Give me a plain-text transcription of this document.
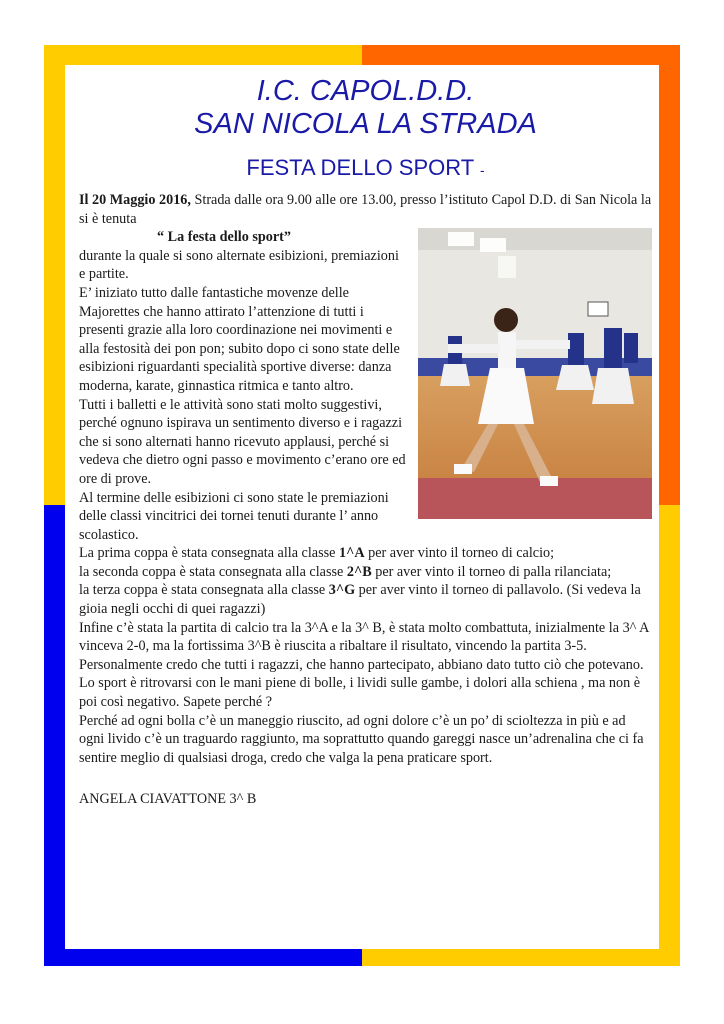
I.C. CAPOL.D.D.
SAN NICOLA LA STRADA
FESTA DELLO SPORT -

Il 20 Maggio 2016, Strada dalle ora 9.00 alle ore 13.00, presso l’istituto Capol D.D. di San Nicola la si è tenuta

“ La festa dello sport”

durante la quale si sono alternate esibizioni, premiazioni e partite.

E’ iniziato tutto dalle fantastiche movenze delle Majorettes che hanno attirato l’attenzione di tutti i presenti grazie alla loro coordinazione nei movimenti e alla festosità dei pon pon; subito dopo ci sono state delle esibizioni riguardanti specialità sportive diverse: danza moderna, karate, ginnastica ritmica e tanto altro.

Tutti i balletti e le attività sono stati molto suggestivi, perché ognuno ispirava un sentimento diverso e i ragazzi che si sono alternati hanno ricevuto applausi, perché si vedeva che dietro ogni passo e movimento c’erano ore ed ore di prove.

Al termine delle esibizioni ci sono state le premiazioni delle classi vincitrici dei tornei tenuti durante l’ anno scolastico.

La prima coppa è stata consegnata alla classe 1^A per aver vinto il torneo di calcio;

la seconda coppa è stata consegnata alla classe 2^B per aver vinto il torneo di palla rilanciata;

la terza coppa è stata consegnata alla classe 3^G per aver vinto il torneo di pallavolo. (Si vedeva la gioia negli occhi di quei ragazzi)

Infine c’è stata la partita di calcio tra la 3^A e la 3^ B, è stata molto combattuta, inizialmente la 3^ A vinceva 2-0, ma la fortissima 3^B è riuscita a ribaltare il risultato, vincendo la partita 3-5.

Personalmente credo che tutti i ragazzi, che hanno partecipato, abbiano dato tutto ciò che potevano.

Lo sport è ritrovarsi con le mani piene di bolle, i lividi sulle gambe, i dolori alla schiena , ma non è poi così negativo. Sapete perché ?

Perché ad ogni bolla c’è un maneggio riuscito, ad ogni dolore c’è un po’ di scioltezza in più e ad ogni livido c’è un traguardo raggiunto, ma soprattutto quando gareggi nasce un’adrenalina che ci fa sentire meglio di qualsiasi droga, credo che valga la pena praticare sport.

ANGELA CIAVATTONE 3^ B
